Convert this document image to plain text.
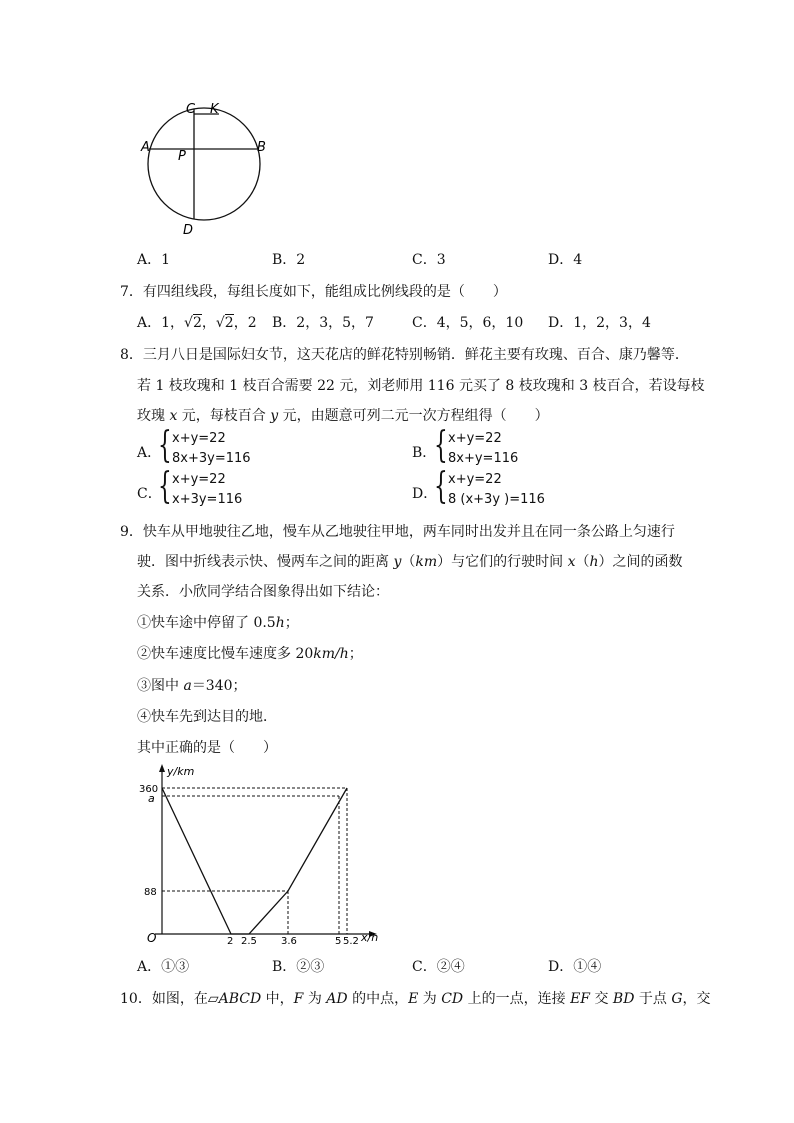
C K
A	B
P
D
A．1	B．2	C．3	D．4
7．有四组线段，每组长度如下，能组成比例线段的是（　　）
A．1，√2，√2，2 B．2，3，5，7	C．4，5，6，10 D．1，2，3，4
8．三月八日是国际妇女节，这天花店的鲜花特别畅销．鲜花主要有玫瑰、百合、康乃馨等．
若 1 枝玫瑰和 1 枝百合需要 22 元，刘老师用 116 元买了 8 枝玫瑰和 3 枝百合，若设每枝
玫瑰 x 元，每枝百合 y 元，由题意可列二元一次方程组得（　　）
A．
{ x+y=22
8x+3y=116	B．
{ x+y=22
8x+y=116
C．
{ x+y=22
x+3y=116	D．
{ x+y=22
8 (x+3y )=116
9．快车从甲地驶往乙地，慢车从乙地驶往甲地，两车同时出发并且在同一条公路上匀速行
驶．图中折线表示快、慢两车之间的距离 y（km）与它们的行驶时间 x（h）之间的函数
关系．小欣同学结合图象得出如下结论：
①快车途中停留了 0.5h；
②快车速度比慢车速度多 20km/h；
③图中 a＝340；
④快车先到达目的地．
其中正确的是（　　）
y/km
x/h
O
360
a
88
2 2.5 3.6	5 5.2
A．①③	B．②③	C．②④	D．①④
10．如图，在▱ABCD 中，F 为 AD 的中点，E 为 CD 上的一点，连接 EF 交 BD 于点 G，交
